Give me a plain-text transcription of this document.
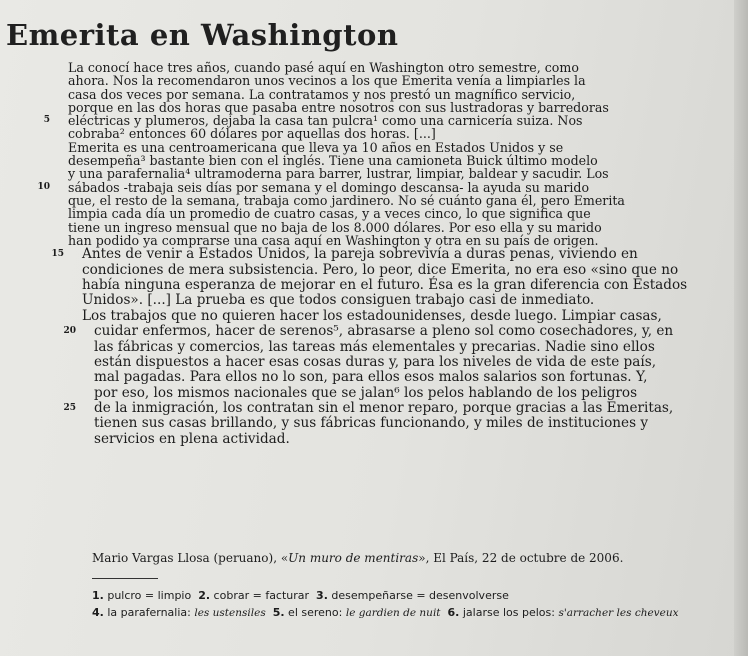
Emerita en Washington
La conocí hace tres años, cuando pasé aquí en Washington otro semestre, como
ahora. Nos la recomendaron unos vecinos a los que Emerita venía a limpiarles la
casa dos veces por semana. La contratamos y nos prestó un magnífico servicio,
porque en las dos horas que pasaba entre nosotros con sus lustradoras y barredoras
5 eléctricas y plumeros, dejaba la casa tan pulcra¹ como una carnicería suiza. Nos
cobraba² entonces 60 dólares por aquellas dos horas. [...]
Emerita es una centroamericana que lleva ya 10 años en Estados Unidos y se
desempeña³ bastante bien con el inglés. Tiene una camioneta Buick último modelo
y una parafernalia⁴ ultramoderna para barrer, lustrar, limpiar, baldear y sacudir. Los
10 sábados -trabaja seis días por semana y el domingo descansa- la ayuda su marido
que, el resto de la semana, trabaja como jardinero. No sé cuánto gana él, pero Emerita
limpia cada día un promedio de cuatro casas, y a veces cinco, lo que significa que
tiene un ingreso mensual que no baja de los 8.000 dólares. Por eso ella y su marido
han podido ya comprarse una casa aquí en Washington y otra en su país de origen.
15 Antes de venir a Estados Unidos, la pareja sobrevivía a duras penas, viviendo en
condiciones de mera subsistencia. Pero, lo peor, dice Emerita, no era eso «sino que no
había ninguna esperanza de mejorar en el futuro. Ésa es la gran diferencia con Estados
Unidos». [...] La prueba es que todos consiguen trabajo casi de inmediato.
Los trabajos que no quieren hacer los estadounidenses, desde luego. Limpiar casas,
20 cuidar enfermos, hacer de serenos⁵, abrasarse a pleno sol como cosechadores, y, en
las fábricas y comercios, las tareas más elementales y precarias. Nadie sino ellos
están dispuestos a hacer esas cosas duras y, para los niveles de vida de este país,
mal pagadas. Para ellos no lo son, para ellos esos malos salarios son fortunas. Y,
por eso, los mismos nacionales que se jalan⁶ los pelos hablando de los peligros
25 de la inmigración, los contratan sin el menor reparo, porque gracias a las Emeritas,
tienen sus casas brillando, y sus fábricas funcionando, y miles de instituciones y
servicios en plena actividad.
Mario Vargas Llosa (peruano), «Un muro de mentiras», El País, 22 de octubre de 2006.
1. pulcro = limpio 2. cobrar = facturar 3. desempeñarse = desenvolverse
4. la parafernalia: les ustensiles 5. el sereno: le gardien de nuit 6. jalarse los pelos: s'arracher les cheveux
